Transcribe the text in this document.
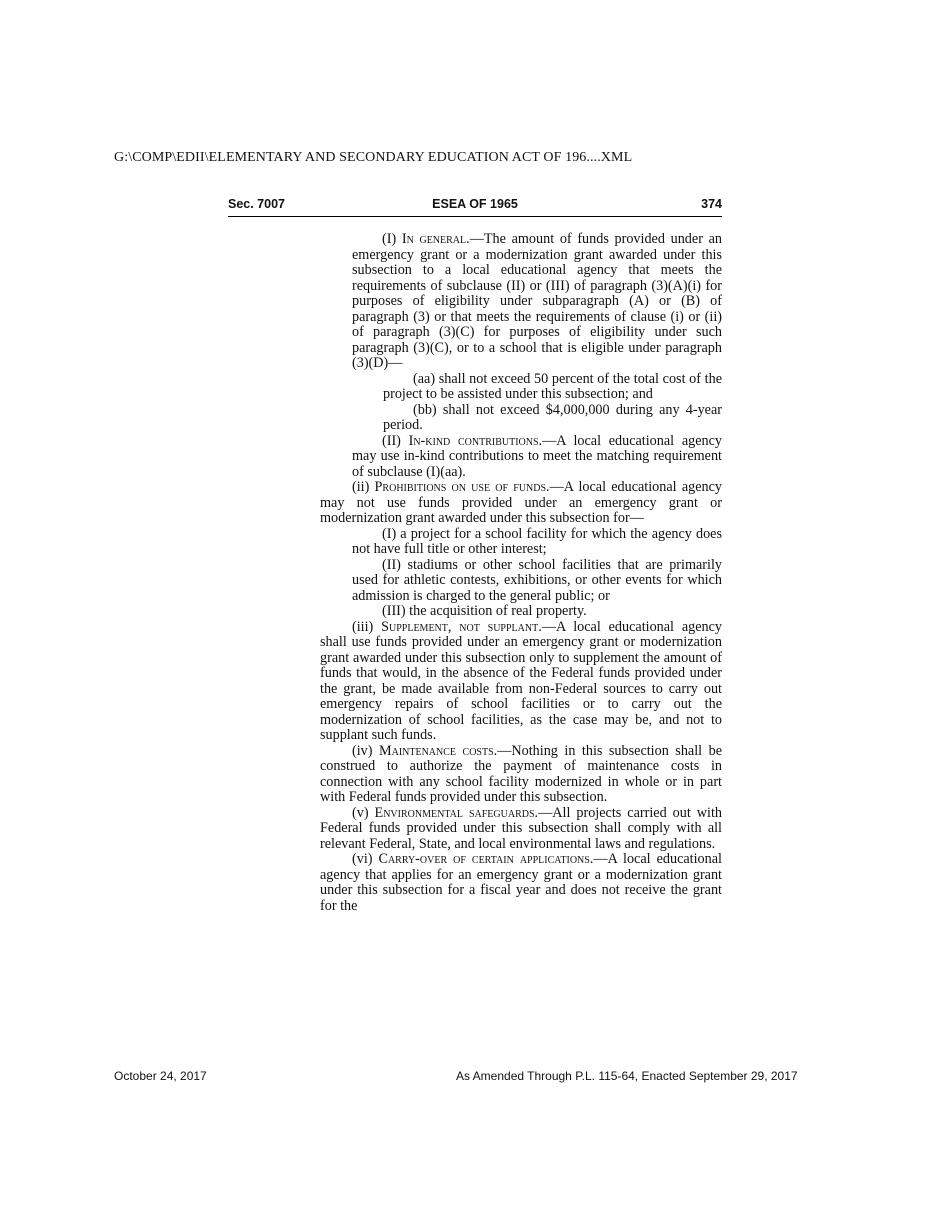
G:\COMP\EDII\ELEMENTARY AND SECONDARY EDUCATION ACT OF 196....XML
Sec. 7007	ESEA OF 1965	374

(I) In general.—The amount of funds provided under an emergency grant or a modernization grant awarded under this subsection to a local educational agency that meets the requirements of subclause (II) or (III) of paragraph (3)(A)(i) for purposes of eligibility under subparagraph (A) or (B) of paragraph (3) or that meets the requirements of clause (i) or (ii) of paragraph (3)(C) for purposes of eligibility under such paragraph (3)(C), or to a school that is eligible under paragraph (3)(D)—

(aa) shall not exceed 50 percent of the total cost of the project to be assisted under this subsection; and

(bb) shall not exceed $4,000,000 during any 4-year period.

(II) In-kind contributions.—A local educational agency may use in-kind contributions to meet the matching requirement of subclause (I)(aa).

(ii) Prohibitions on use of funds.—A local educational agency may not use funds provided under an emergency grant or modernization grant awarded under this subsection for—

(I) a project for a school facility for which the agency does not have full title or other interest;

(II) stadiums or other school facilities that are primarily used for athletic contests, exhibitions, or other events for which admission is charged to the general public; or

(III) the acquisition of real property.

(iii) Supplement, not supplant.—A local educational agency shall use funds provided under an emergency grant or modernization grant awarded under this subsection only to supplement the amount of funds that would, in the absence of the Federal funds provided under the grant, be made available from non-Federal sources to carry out emergency repairs of school facilities or to carry out the modernization of school facilities, as the case may be, and not to supplant such funds.

(iv) Maintenance costs.—Nothing in this subsection shall be construed to authorize the payment of maintenance costs in connection with any school facility modernized in whole or in part with Federal funds provided under this subsection.

(v) Environmental safeguards.—All projects carried out with Federal funds provided under this subsection shall comply with all relevant Federal, State, and local environmental laws and regulations.

(vi) Carry-over of certain applications.—A local educational agency that applies for an emergency grant or a modernization grant under this subsection for a fiscal year and does not receive the grant for the

October 24, 2017	As Amended Through P.L. 115-64, Enacted September 29, 2017
